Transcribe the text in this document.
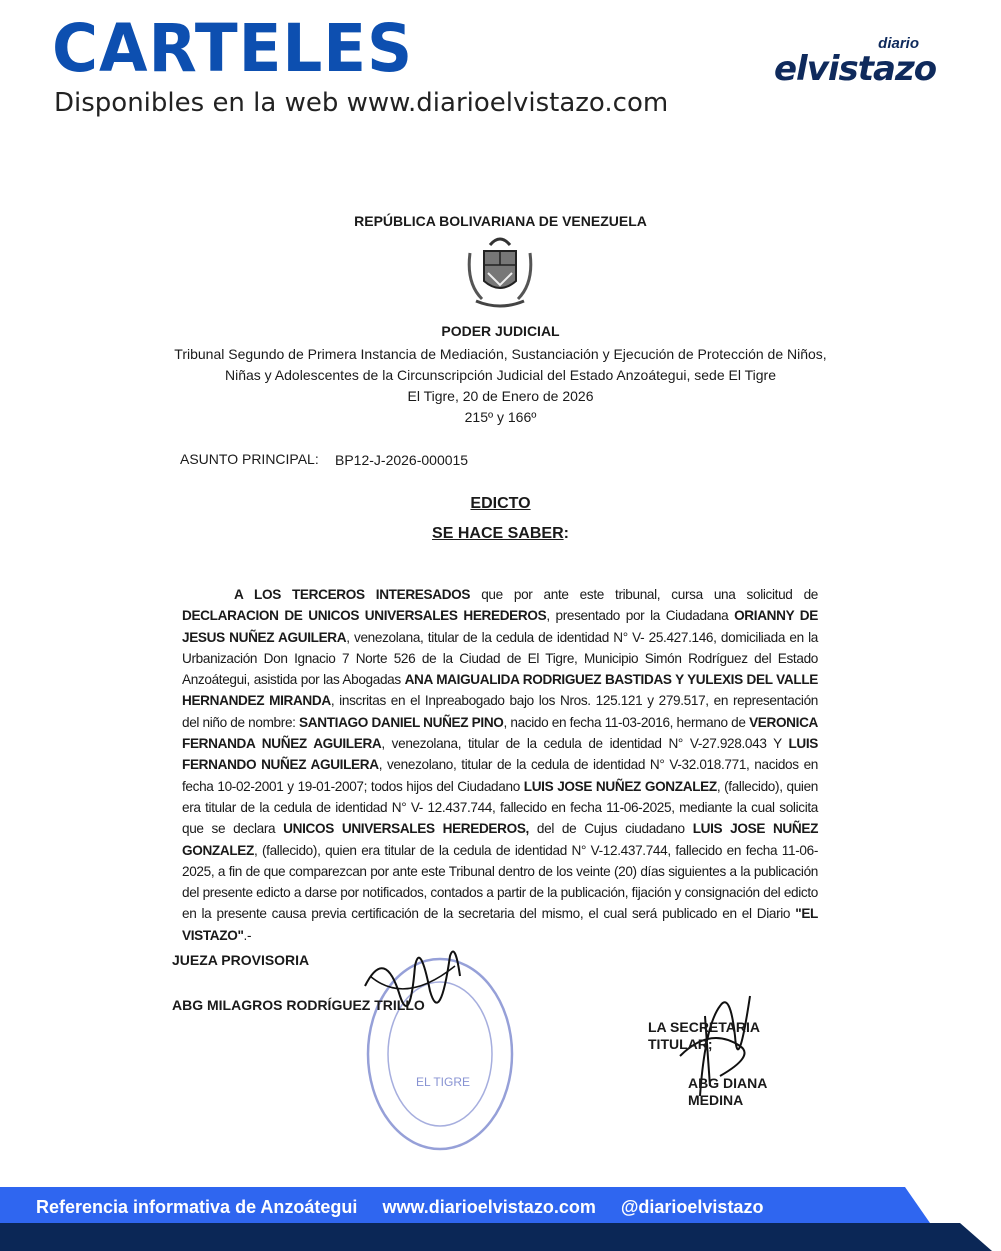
CARTELES
Disponibles en la web www.diarioelvistazo.com
diario
elvistazo
REPÚBLICA BOLIVARIANA DE VENEZUELA
PODER JUDICIAL
Tribunal Segundo de Primera Instancia de Mediación, Sustanciación y Ejecución de Protección de Niños,
Niñas y Adolescentes de la Circunscripción Judicial del Estado Anzoátegui, sede El Tigre
El Tigre, 20 de Enero de 2026
215º y 166º
ASUNTO PRINCIPAL: BP12-J-2026-000015
EDICTO
SE HACE SABER:
A LOS TERCEROS INTERESADOS que por ante este tribunal, cursa una solicitud de DECLARACION DE UNICOS UNIVERSALES HEREDEROS, presentado por la Ciudadana ORIANNY DE JESUS NUÑEZ AGUILERA, venezolana, titular de la cedula de identidad N° V- 25.427.146, domiciliada en la Urbanización Don Ignacio 7 Norte 526 de la Ciudad de El Tigre, Municipio Simón Rodríguez del Estado Anzoátegui, asistida por las Abogadas ANA MAIGUALIDA RODRIGUEZ BASTIDAS Y YULEXIS DEL VALLE HERNANDEZ MIRANDA, inscritas en el Inpreabogado bajo los Nros. 125.121 y 279.517, en representación del niño de nombre: SANTIAGO DANIEL NUÑEZ PINO, nacido en fecha 11-03-2016, hermano de VERONICA FERNANDA NUÑEZ AGUILERA, venezolana, titular de la cedula de identidad N° V-27.928.043 Y LUIS FERNANDO NUÑEZ AGUILERA, venezolano, titular de la cedula de identidad N° V-32.018.771, nacidos en fecha 10-02-2001 y 19-01-2007; todos hijos del Ciudadano LUIS JOSE NUÑEZ GONZALEZ, (fallecido), quien era titular de la cedula de identidad N° V- 12.437.744, fallecido en fecha 11-06-2025, mediante la cual solicita que se declara UNICOS UNIVERSALES HEREDEROS, del de Cujus ciudadano LUIS JOSE NUÑEZ GONZALEZ, (fallecido), quien era titular de la cedula de identidad N° V-12.437.744, fallecido en fecha 11-06-2025, a fin de que comparezcan por ante este Tribunal dentro de los veinte (20) días siguientes a la publicación del presente edicto a darse por notificados, contados a partir de la publicación, fijación y consignación del edicto en la presente causa previa certificación de la secretaria del mismo, el cual será publicado en el Diario "EL VISTAZO".-
EL TIGRE
JUEZA PROVISORIA
ABG MILAGROS RODRÍGUEZ TRILLO
LA SECRETARIA TITULAR;
ABG DIANA MEDINA
Referencia informativa de Anzoátegui www.diarioelvistazo.com @diarioelvistazo
